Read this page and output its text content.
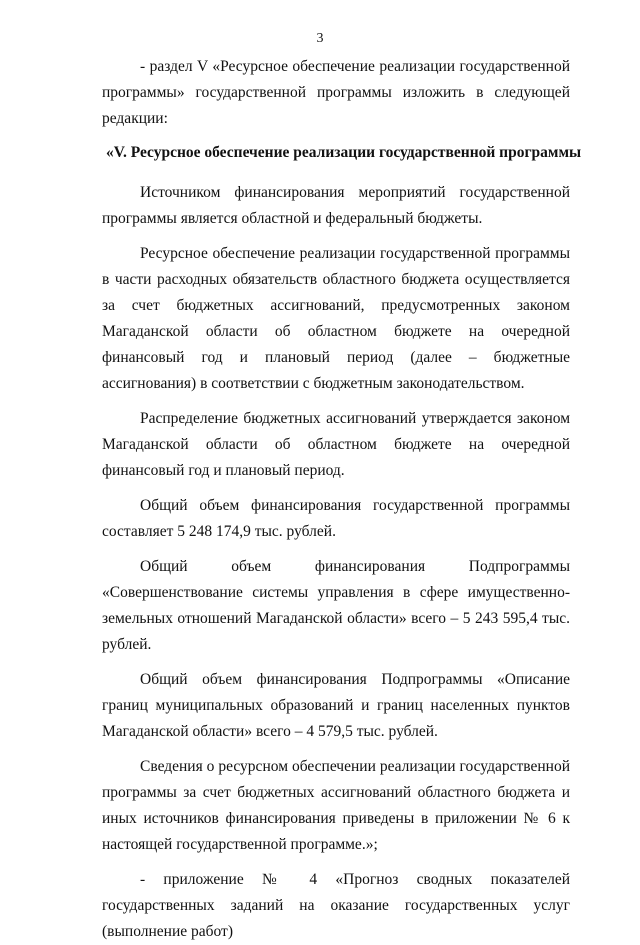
3

- раздел V «Ресурсное обеспечение реализации государственной программы» государственной программы изложить в следующей редакции:

«V. Ресурсное обеспечение реализации государственной программы

Источником финансирования мероприятий государственной программы является областной и федеральный бюджеты.

Ресурсное обеспечение реализации государственной программы в части расходных обязательств областного бюджета осуществляется за счет бюджетных ассигнований, предусмотренных законом Магаданской области об областном бюджете на очередной финансовый год и плановый период (далее – бюджетные ассигнования) в соответствии с бюджетным законодательством.

Распределение бюджетных ассигнований утверждается законом Магаданской области об областном бюджете на очередной финансовый год и плановый период.

Общий объем финансирования государственной программы составляет 5 248 174,9 тыс. рублей.

Общий объем финансирования Подпрограммы «Совершенствование системы управления в сфере имущественно-земельных отношений Магаданской области» всего – 5 243 595,4 тыс. рублей.

Общий объем финансирования Подпрограммы «Описание границ муниципальных образований и границ населенных пунктов Магаданской области» всего – 4 579,5 тыс. рублей.

Сведения о ресурсном обеспечении реализации государственной программы за счет бюджетных ассигнований областного бюджета и иных источников финансирования приведены в приложении № 6 к настоящей государственной программе.»;

- приложение № 4 «Прогноз сводных показателей государственных заданий на оказание государственных услуг (выполнение работ)
